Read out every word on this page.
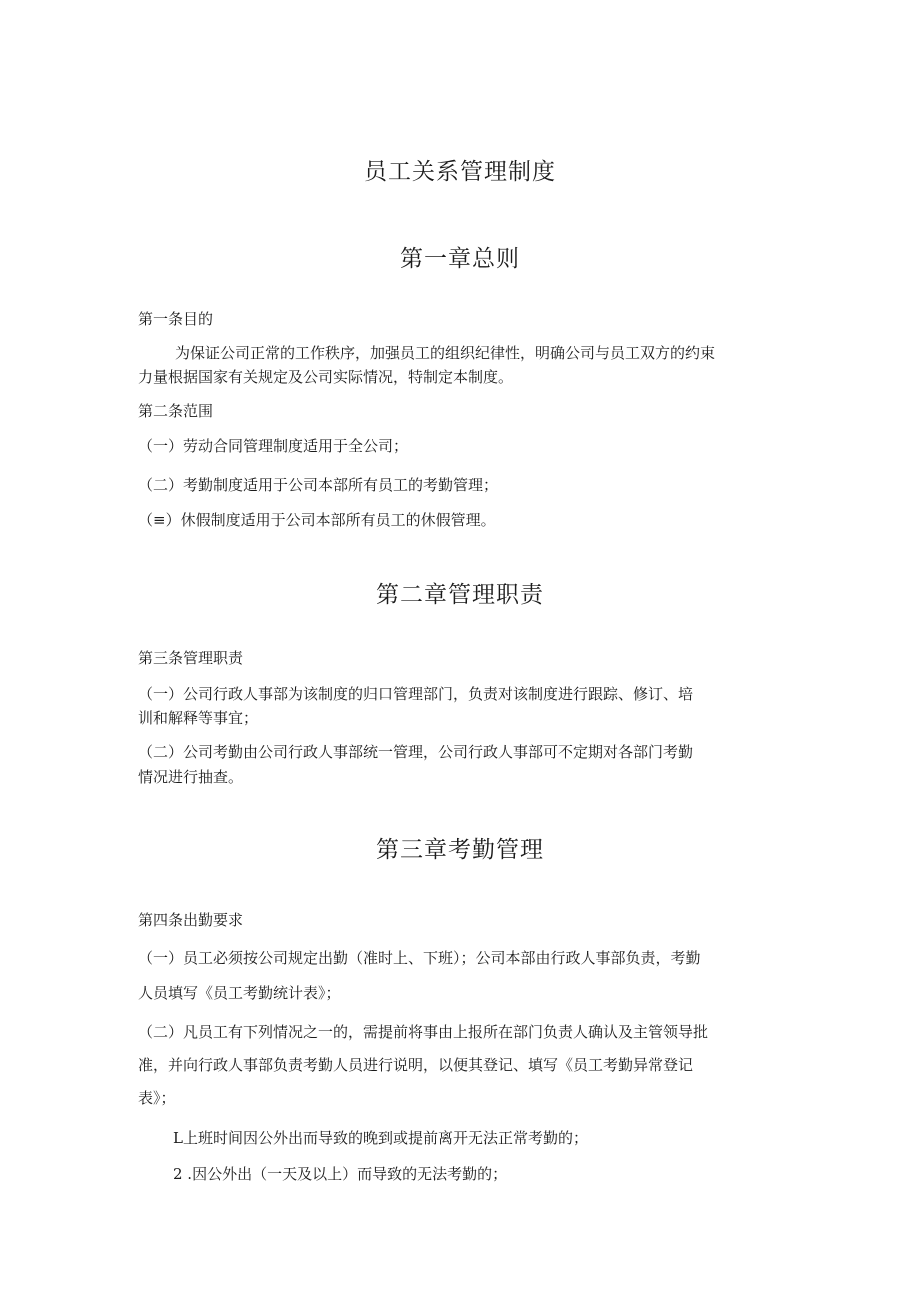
员工关系管理制度
第一章总则
第一条目的
为保证公司正常的工作秩序，加强员工的组织纪律性，明确公司与员工双方的约束
力量根据国家有关规定及公司实际情况，特制定本制度。
第二条范围
（一）劳动合同管理制度适用于全公司；
（二）考勤制度适用于公司本部所有员工的考勤管理；
（≡）休假制度适用于公司本部所有员工的休假管理。
第二章管理职责
第三条管理职责
（一）公司行政人事部为该制度的归口管理部门，负责对该制度进行跟踪、修订、培
训和解释等事宜；
（二）公司考勤由公司行政人事部统一管理，公司行政人事部可不定期对各部门考勤
情况进行抽查。
第三章考勤管理
第四条出勤要求
（一）员工必须按公司规定出勤（准时上、下班）；公司本部由行政人事部负责，考勤
人员填写《员工考勤统计表》；
（二）凡员工有下列情况之一的，需提前将事由上报所在部门负责人确认及主管领导批
准，并向行政人事部负责考勤人员进行说明，以便其登记、填写《员工考勤异常登记
表》；
L上班时间因公外出而导致的晚到或提前离开无法正常考勤的；
2 .因公外出（一天及以上）而导致的无法考勤的；
